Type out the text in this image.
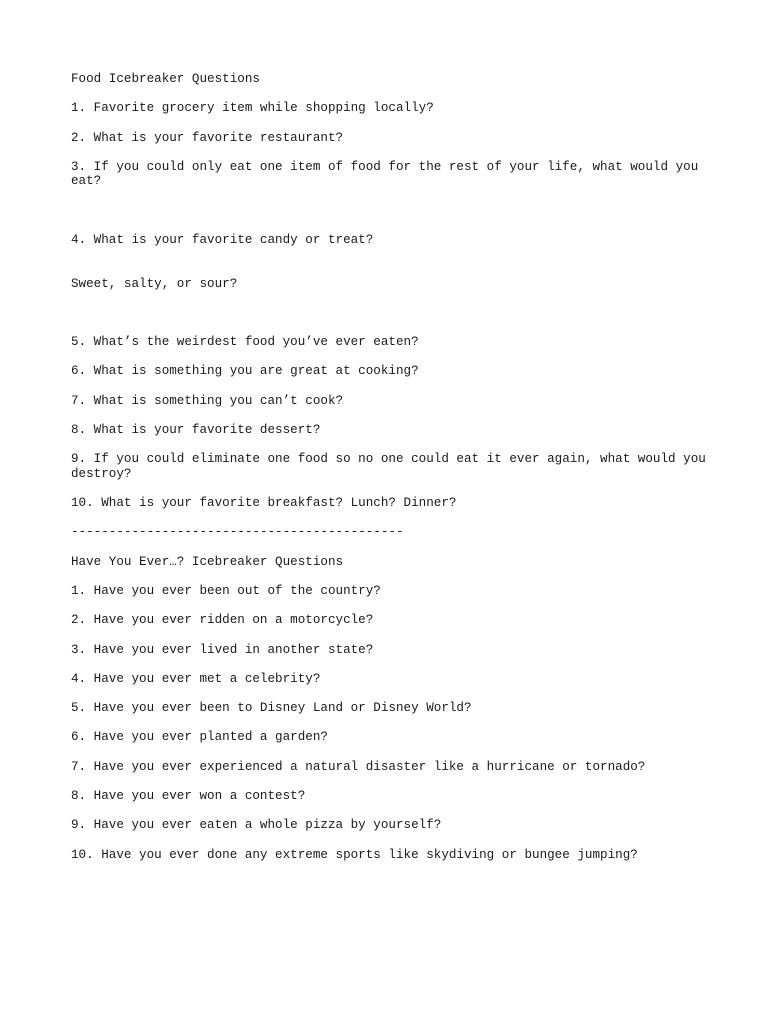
Food Icebreaker Questions
1. Favorite grocery item while shopping locally?
2. What is your favorite restaurant?
3. If you could only eat one item of food for the rest of your life, what would you eat?

4. What is your favorite candy or treat?

Sweet, salty, or sour?

5. What’s the weirdest food you’ve ever eaten?
6. What is something you are great at cooking?
7. What is something you can’t cook?
8. What is your favorite dessert?
9. If you could eliminate one food so no one could eat it ever again, what would you destroy?
10. What is your favorite breakfast? Lunch? Dinner?
--------------------------------------------
Have You Ever…? Icebreaker Questions
1. Have you ever been out of the country?
2. Have you ever ridden on a motorcycle?
3. Have you ever lived in another state?
4. Have you ever met a celebrity?
5. Have you ever been to Disney Land or Disney World?
6. Have you ever planted a garden?
7. Have you ever experienced a natural disaster like a hurricane or tornado?
8. Have you ever won a contest?
9. Have you ever eaten a whole pizza by yourself?
10. Have you ever done any extreme sports like skydiving or bungee jumping?
